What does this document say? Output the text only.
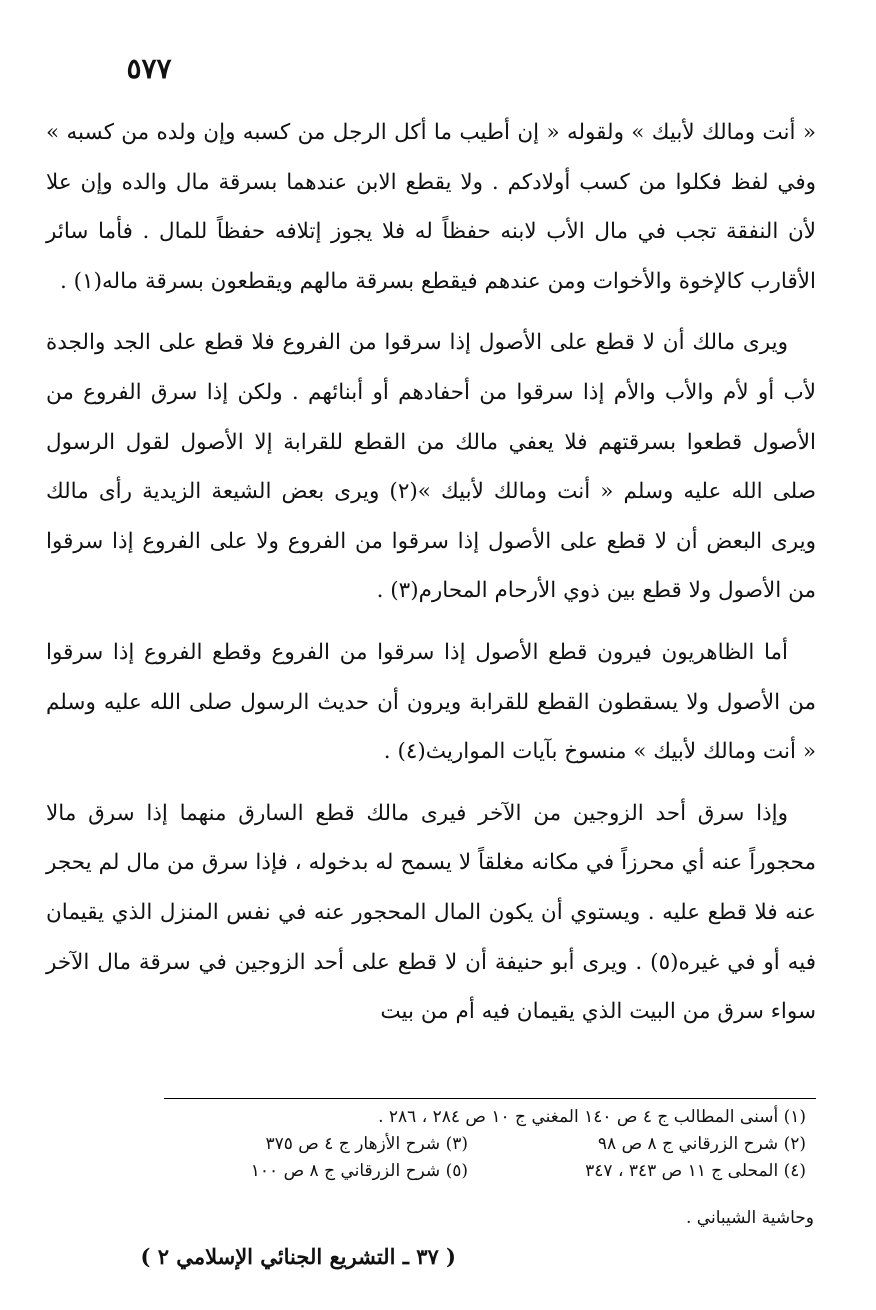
٥٧٧

« أنت ومالك لأبيك » ولقوله « إن أطيب ما أكل الرجل من كسبه وإن ولده من كسبه » وفي لفظ فكلوا من كسب أولادكم . ولا يقطع الابن عندهما بسرقة مال والده وإن علا لأن النفقة تجب في مال الأب لابنه حفظاً له فلا يجوز إتلافه حفظاً للمال . فأما سائر الأقارب كالإخوة والأخوات ومن عندهم فيقطع بسرقة مالهم ويقطعون بسرقة ماله(١) .

ويرى مالك أن لا قطع على الأصول إذا سرقوا من الفروع فلا قطع على الجد والجدة لأب أو لأم والأب والأم إذا سرقوا من أحفادهم أو أبنائهم . ولكن إذا سرق الفروع من الأصول قطعوا بسرقتهم فلا يعفي مالك من القطع للقرابة إلا الأصول لقول الرسول صلى الله عليه وسلم « أنت ومالك لأبيك »(٢) ويرى بعض الشيعة الزيدية رأى مالك ويرى البعض أن لا قطع على الأصول إذا سرقوا من الفروع ولا على الفروع إذا سرقوا من الأصول ولا قطع بين ذوي الأرحام المحارم(٣) .

أما الظاهريون فيرون قطع الأصول إذا سرقوا من الفروع وقطع الفروع إذا سرقوا من الأصول ولا يسقطون القطع للقرابة ويرون أن حديث الرسول صلى الله عليه وسلم « أنت ومالك لأبيك » منسوخ بآيات المواريث(٤) .

وإذا سرق أحد الزوجين من الآخر فيرى مالك قطع السارق منهما إذا سرق مالا محجوراً عنه أي محرزاً في مكانه مغلقاً لا يسمح له بدخوله ، فإذا سرق من مال لم يحجر عنه فلا قطع عليه . ويستوي أن يكون المال المحجور عنه في نفس المنزل الذي يقيمان فيه أو في غيره(٥) . ويرى أبو حنيفة أن لا قطع على أحد الزوجين في سرقة مال الآخر سواء سرق من البيت الذي يقيمان فيه أم من بيت

(١) أسنى المطالب ج ٤ ص ١٤٠ المغني ج ١٠ ص ٢٨٤ ، ٢٨٦ .
(٢) شرح الزرقاني ج ٨ ص ٩٨
(٣) شرح الأزهار ج ٤ ص ٣٧٥
(٤) المحلى ج ١١ ص ٣٤٣ ، ٣٤٧
(٥) شرح الزرقاني ج ٨ ص ١٠٠
وحاشية الشيباني .
( ٣٧ ـ التشريع الجنائي الإسلامي ٢ )
